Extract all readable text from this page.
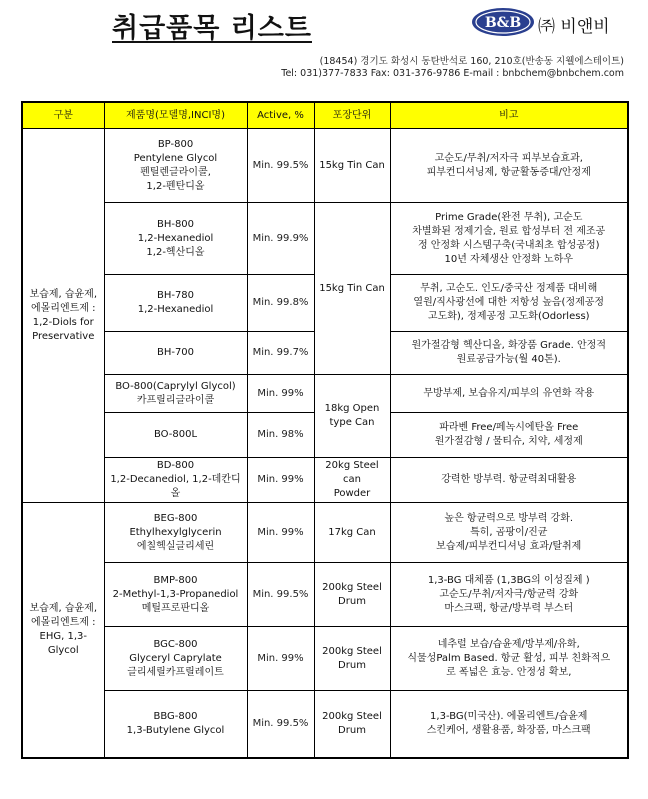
취급품목 리스트	B&B ㈜ 비앤비
(18454) 경기도 화성시 동탄반석로 160, 210호(반송동 지웰에스테이트)
Tel: 031)377-7833 Fax: 031-376-9786 E-mail : bnbchem@bnbchem.com
구분	제품명(모델명,INCI명)	Active, %	포장단위	비고

보습제, 습윤제,
에몰리엔트제 :
1,2-Diols for
Preservative	BP-800
Pentylene Glycol
펜틸렌글라이콜,
1,2-펜탄디올	Min. 99.5%	15kg Tin Can	고순도/무취/저자극 피부보습효과,
피부컨디셔닝제, 항균활동증대/안정제

	BH-800
1,2-Hexanediol
1,2-헥산디올	Min. 99.9%	15kg Tin Can	Prime Grade(완전 무취), 고순도
차별화된 정제기술, 원료 합성부터 전 제조공
정 안정화 시스템구축(국내최초 합성공정)
10년 자체생산 안정화 노하우

	BH-780
1,2-Hexanediol	Min. 99.8%		무취, 고순도. 인도/중국산 정제품 대비해
열원/직사광선에 대한 저항성 높음(정제공정
고도화), 정제공정 고도화(Odorless)

	BH-700	Min. 99.7%		원가절감형 헥산디올, 화장품 Grade. 안정적
원료공급가능(월 40톤).

	BO-800(Caprylyl Glycol)
카프릴리글라이콜	Min. 99%	18kg Open
type Can	무방부제, 보습유지/피부의 유연화 작용
	BO-800L	Min. 98%		파라벤 Free/페녹시에탄올 Free
원가절감형 / 물티슈, 치약, 세정제

	BD-800
1,2-Decanediol, 1,2-데칸디올	Min. 99%	20kg Steel can
Powder	강력한 방부력. 항균력최대활용

보습제, 습윤제,
에몰리엔트제 :
EHG, 1,3-
Glycol	BEG-800
Ethylhexylglycerin
에칠헥실글리세린	Min. 99%	17kg Can	높은 항균력으로 방부력 강화.
특히, 곰팡이/진균
보습제/피부컨디셔닝 효과/탈취제

	BMP-800
2-Methyl-1,3-Propanediol
메틸프로판디올	Min. 99.5%	200kg Steel
Drum	1,3-BG 대체품 (1,3BG의 이성질체 )
고순도/무취/저자극/항균력 강화
마스크팩, 항균/방부력 부스터

	BGC-800
Glyceryl Caprylate
글리세릴카프릴레이트	Min. 99%	200kg Steel
Drum	네추럴 보습/습윤제/방부제/유화,
식물성Palm Based. 항균 활성, 피부 친화적으
로 폭넓은 효능. 안정성 확보,

	BBG-800
1,3-Butylene Glycol	Min. 99.5%	200kg Steel
Drum	1,3-BG(미국산). 에몰리엔트/습윤제
스킨케어, 생활용품, 화장품, 마스크팩
